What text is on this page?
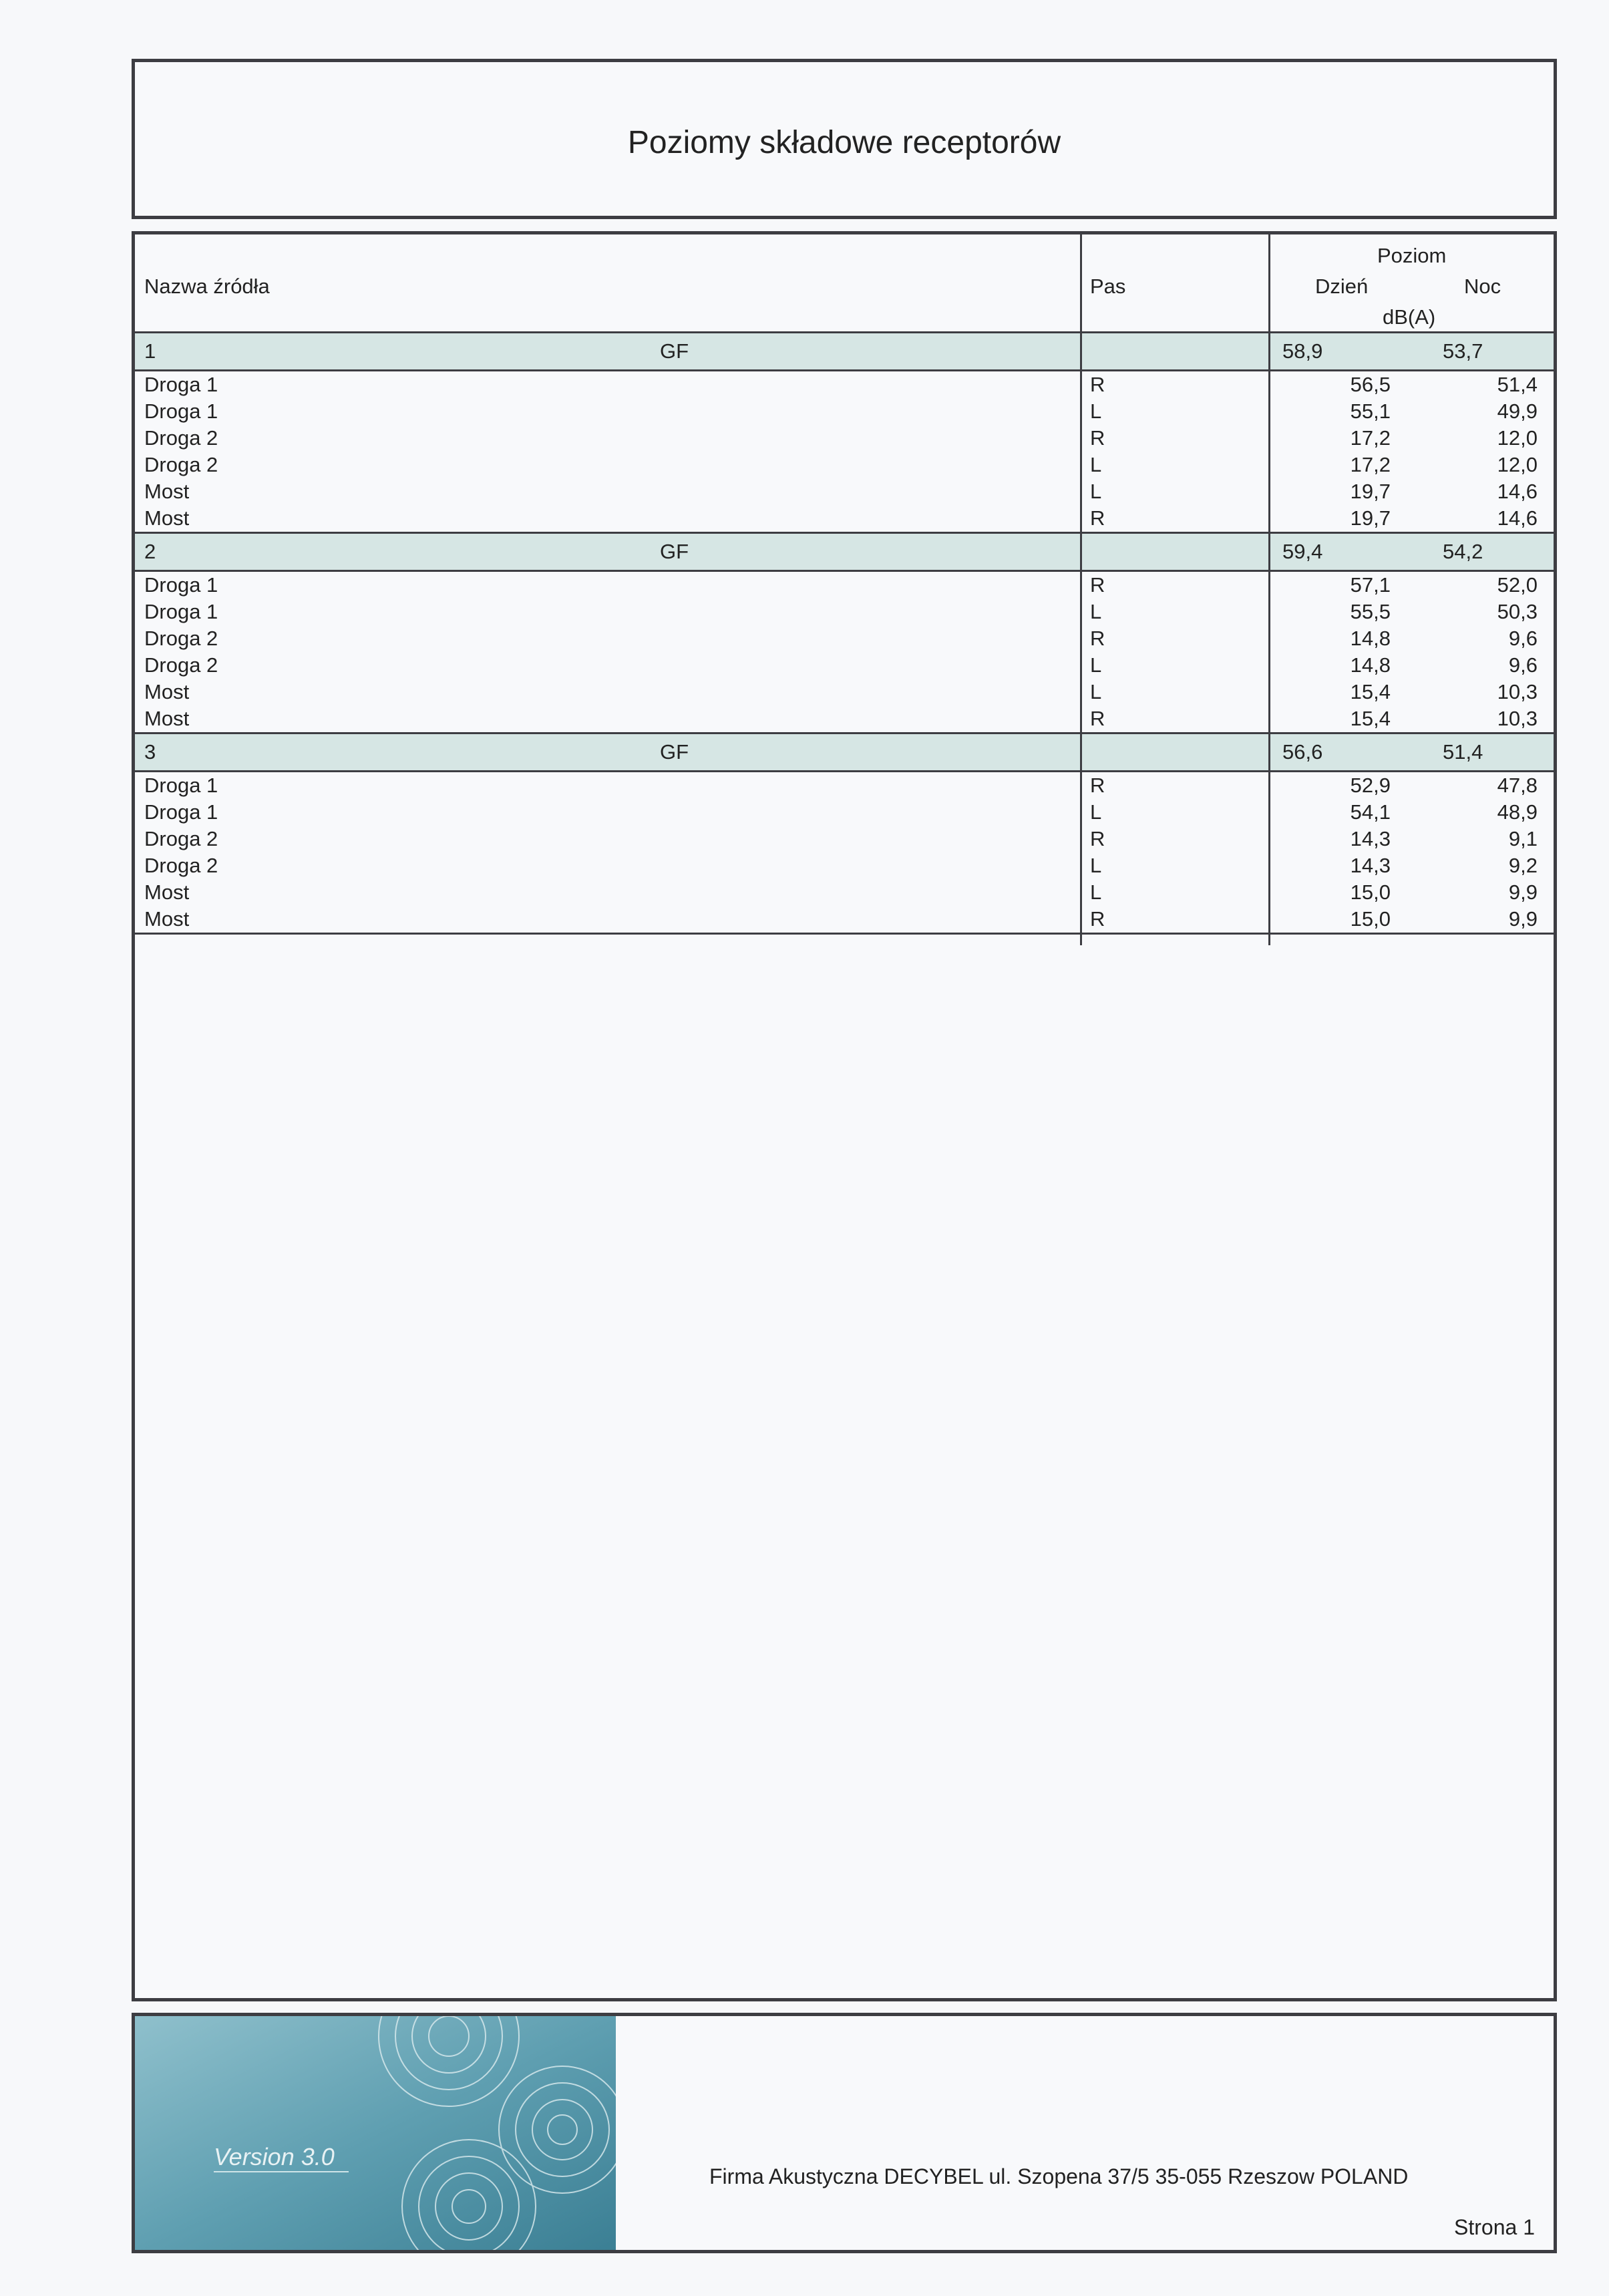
Poziomy składowe receptorów
Nazwa źródła	Pas
Poziom
Dzień	Noc
dB(A)
1	GF	58,9	53,7
Droga 1	R	56,5	51,4
Droga 1	L	55,1	49,9
Droga 2	R	17,2	12,0
Droga 2	L	17,2	12,0
Most	L	19,7	14,6
Most	R	19,7	14,6
2	GF	59,4	54,2
Droga 1	R	57,1	52,0
Droga 1	L	55,5	50,3
Droga 2	R	14,8	9,6
Droga 2	L	14,8	9,6
Most	L	15,4	10,3
Most	R	15,4	10,3
3	GF	56,6	51,4
Droga 1	R	52,9	47,8
Droga 1	L	54,1	48,9
Droga 2	R	14,3	9,1
Droga 2	L	14,3	9,2
Most	L	15,0	9,9
Most	R	15,0	9,9
Version 3.0
Firma Akustyczna DECYBEL ul. Szopena 37/5 35-055 Rzeszow POLAND
Strona 1
